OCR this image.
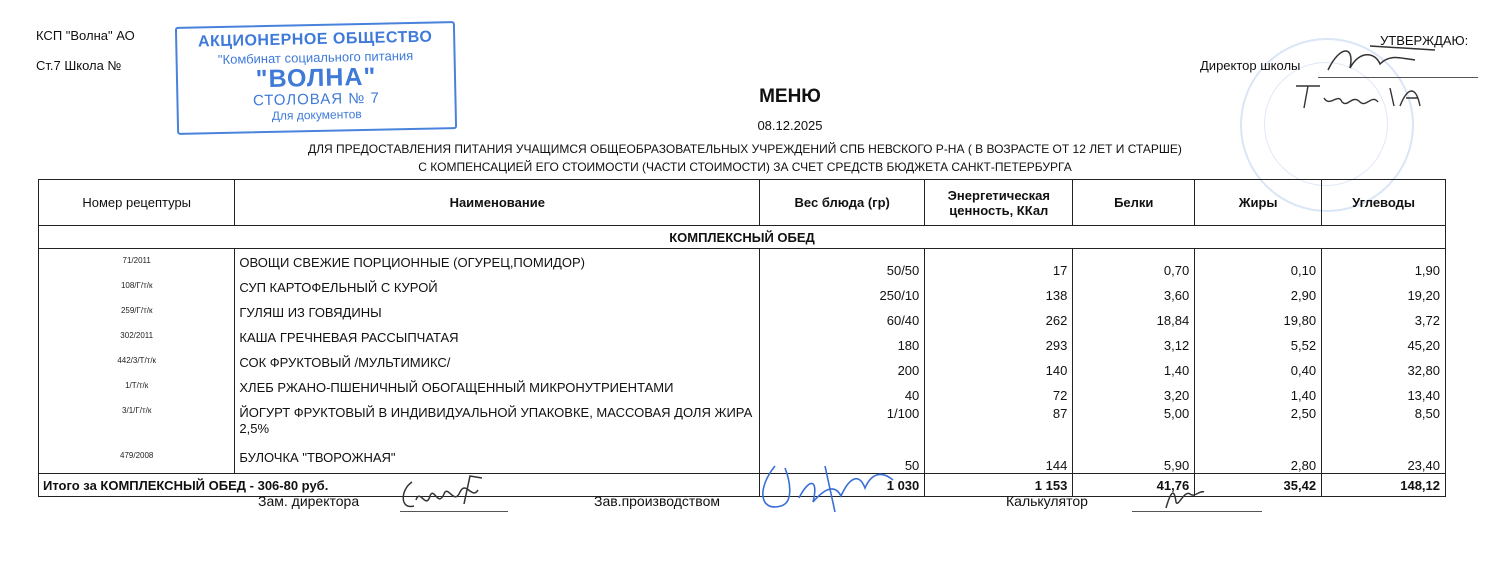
КСП "Волна" АО
Ст.7 Школа №
АКЦИОНЕРНОЕ ОБЩЕСТВО
"Комбинат социального питания
"ВОЛНА"
СТОЛОВАЯ № 7
Для документов
УТВЕРЖДАЮ:
Директор школы
МЕНЮ
08.12.2025
ДЛЯ ПРЕДОСТАВЛЕНИЯ ПИТАНИЯ УЧАЩИМСЯ ОБЩЕОБРАЗОВАТЕЛЬНЫХ УЧРЕЖДЕНИЙ СПБ НЕВСКОГО Р-НА ( В ВОЗРАСТЕ ОТ 12 ЛЕТ И СТАРШЕ)
С КОМПЕНСАЦИЕЙ ЕГО СТОИМОСТИ (ЧАСТИ СТОИМОСТИ) ЗА СЧЕТ СРЕДСТВ БЮДЖЕТА САНКТ-ПЕТЕРБУРГА
Номер рецептуры	Наименование	Вес блюда (гр)	Энергетическая ценность, ККал	Белки	Жиры	Углеводы
КОМПЛЕКСНЫЙ ОБЕД						

71/2011	ОВОЩИ СВЕЖИЕ ПОРЦИОННЫЕ (ОГУРЕЦ,ПОМИДОР)	50/50	17	0,70	0,10	1,90
108/Г/т/к	СУП КАРТОФЕЛЬНЫЙ С КУРОЙ	250/10	138	3,60	2,90	19,20
259/Г/т/к	ГУЛЯШ ИЗ ГОВЯДИНЫ	60/40	262	18,84	19,80	3,72
302/2011	КАША ГРЕЧНЕВАЯ РАССЫПЧАТАЯ	180	293	3,12	5,52	45,20
442/3/Т/т/к	СОК ФРУКТОВЫЙ /МУЛЬТИМИКС/	200	140	1,40	0,40	32,80
1/Т/т/к	ХЛЕБ РЖАНО-ПШЕНИЧНЫЙ ОБОГАЩЕННЫЙ МИКРОНУТРИЕНТАМИ	40	72	3,20	1,40	13,40
3/1/Г/т/к	ЙОГУРТ ФРУКТОВЫЙ В ИНДИВИДУАЛЬНОЙ УПАКОВКЕ, МАССОВАЯ ДОЛЯ ЖИРА 2,5%	1/100	87	5,00	2,50	8,50
479/2008	БУЛОЧКА "ТВОРОЖНАЯ"	50	144	5,90	2,80	23,40
Итого за КОМПЛЕКСНЫЙ ОБЕД - 306-80 руб.		1 030	1 153	41,76	35,42	148,12
Зам. директора	Зав.производством	Калькулятор
